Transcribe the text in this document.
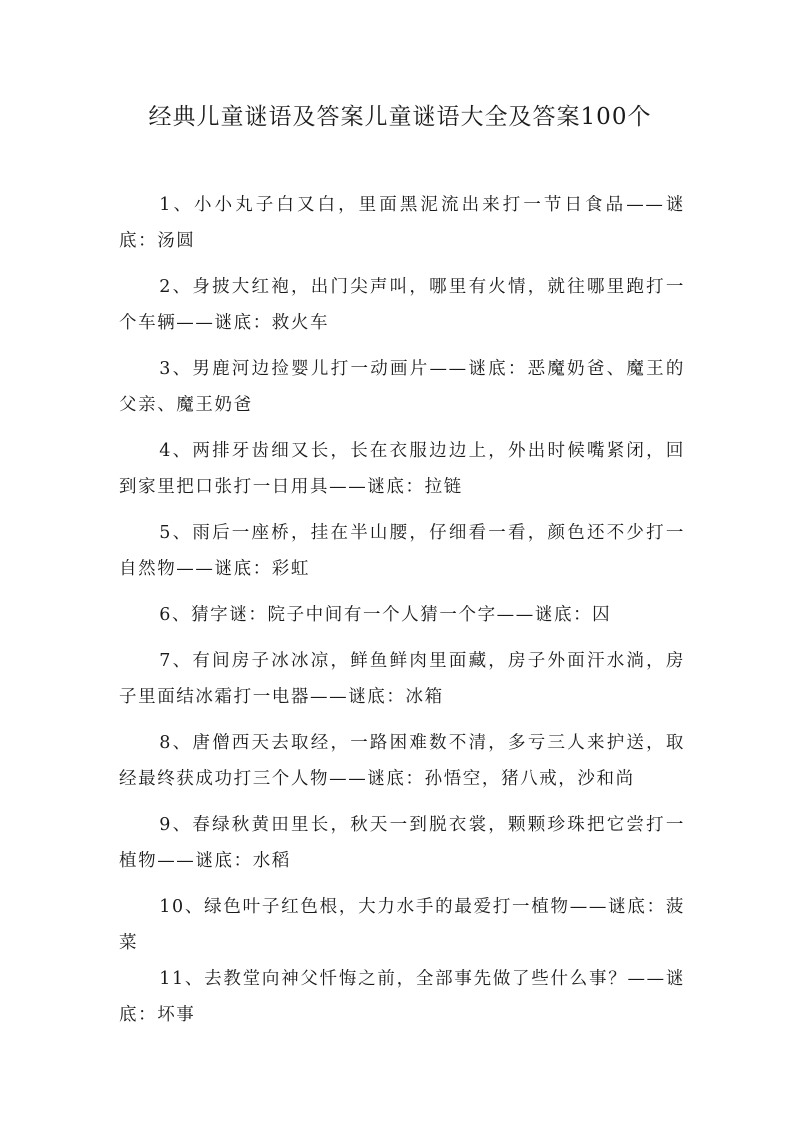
经典儿童谜语及答案儿童谜语大全及答案100个

1、小小丸子白又白，里面黑泥流出来打一节日食品——谜底：汤圆

2、身披大红袍，出门尖声叫，哪里有火情，就往哪里跑打一个车辆——谜底：救火车

3、男鹿河边捡婴儿打一动画片——谜底：恶魔奶爸、魔王的父亲、魔王奶爸

4、两排牙齿细又长，长在衣服边边上，外出时候嘴紧闭，回到家里把口张打一日用具——谜底：拉链

5、雨后一座桥，挂在半山腰，仔细看一看，颜色还不少打一自然物——谜底：彩虹

6、猜字谜：院子中间有一个人猜一个字——谜底：囚

7、有间房子冰冰凉，鲜鱼鲜肉里面藏，房子外面汗水淌，房子里面结冰霜打一电器——谜底：冰箱

8、唐僧西天去取经，一路困难数不清，多亏三人来护送，取经最终获成功打三个人物——谜底：孙悟空，猪八戒，沙和尚

9、春绿秋黄田里长，秋天一到脱衣裳，颗颗珍珠把它尝打一植物——谜底：水稻

10、绿色叶子红色根，大力水手的最爱打一植物——谜底：菠菜

11、去教堂向神父忏悔之前，全部事先做了些什么事？——谜底：坏事
